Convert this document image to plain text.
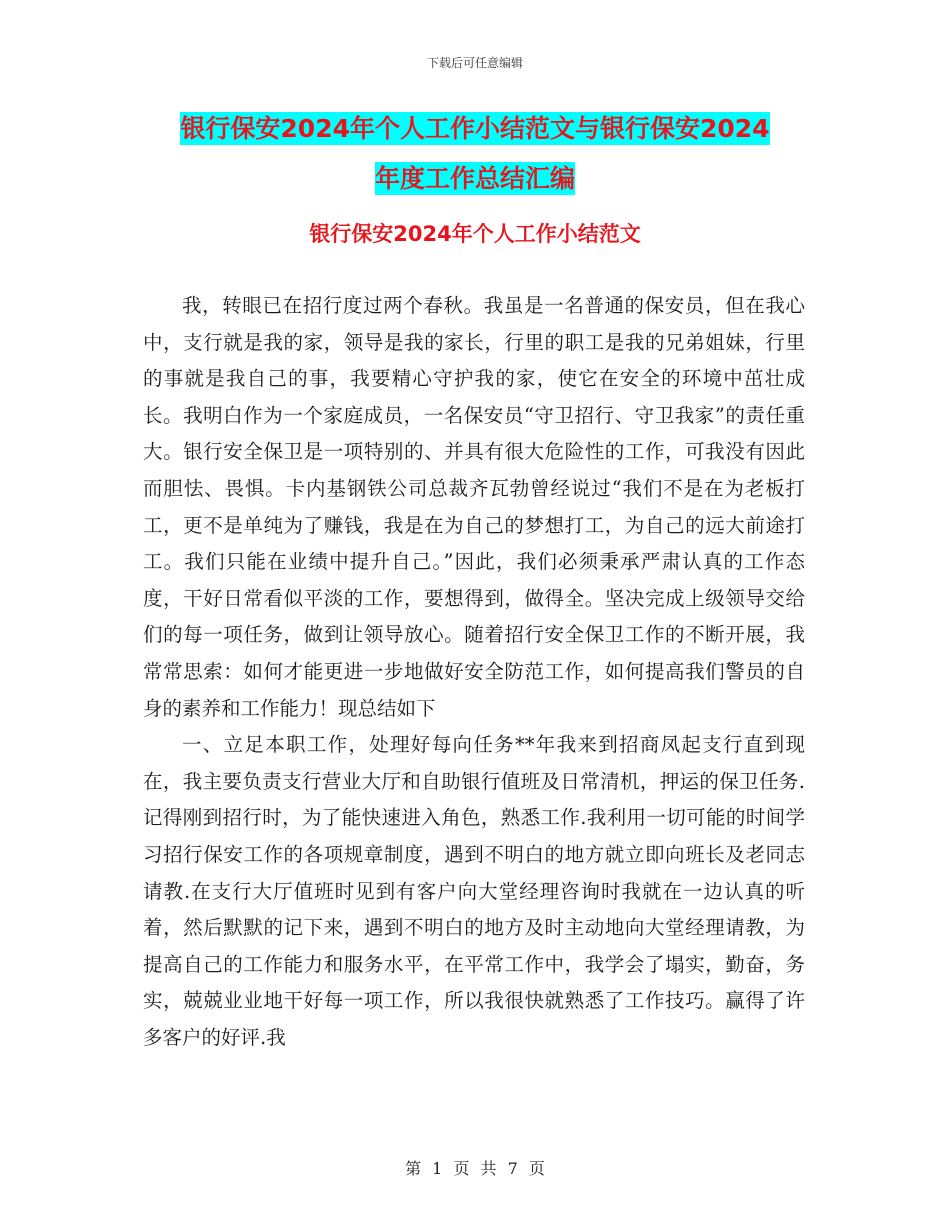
下载后可任意编辑
银行保安2024年个人工作小结范文与银行保安2024
年度工作总结汇编
银行保安2024年个人工作小结范文

我，转眼已在招行度过两个春秋。我虽是一名普通的保安员，但在我心中，支行就是我的家，领导是我的家长，行里的职工是我的兄弟姐妹，行里的事就是我自己的事，我要精心守护我的家，使它在安全的环境中茁壮成长。我明白作为一个家庭成员，一名保安员“守卫招行、守卫我家”的责任重大。银行安全保卫是一项特别的、并具有很大危险性的工作，可我没有因此而胆怯、畏惧。卡内基钢铁公司总裁齐瓦勃曾经说过“我们不是在为老板打工，更不是单纯为了赚钱，我是在为自己的梦想打工，为自己的远大前途打工。我们只能在业绩中提升自己。”因此，我们必须秉承严肃认真的工作态度，干好日常看似平淡的工作，要想得到，做得全。坚决完成上级领导交给们的每一项任务，做到让领导放心。随着招行安全保卫工作的不断开展，我常常思索：如何才能更进一步地做好安全防范工作，如何提高我们警员的自身的素养和工作能力！现总结如下

一、立足本职工作，处理好每向任务**年我来到招商凤起支行直到现在，我主要负责支行营业大厅和自助银行值班及日常清机，押运的保卫任务.记得刚到招行时，为了能快速进入角色，熟悉工作.我利用一切可能的时间学习招行保安工作的各项规章制度，遇到不明白的地方就立即向班长及老同志请教.在支行大厅值班时见到有客户向大堂经理咨询时我就在一边认真的听着，然后默默的记下来，遇到不明白的地方及时主动地向大堂经理请教，为提高自己的工作能力和服务水平，在平常工作中，我学会了塌实，勤奋，务实，兢兢业业地干好每一项工作，所以我很快就熟悉了工作技巧。赢得了许多客户的好评.我

第 1 页 共 7 页
